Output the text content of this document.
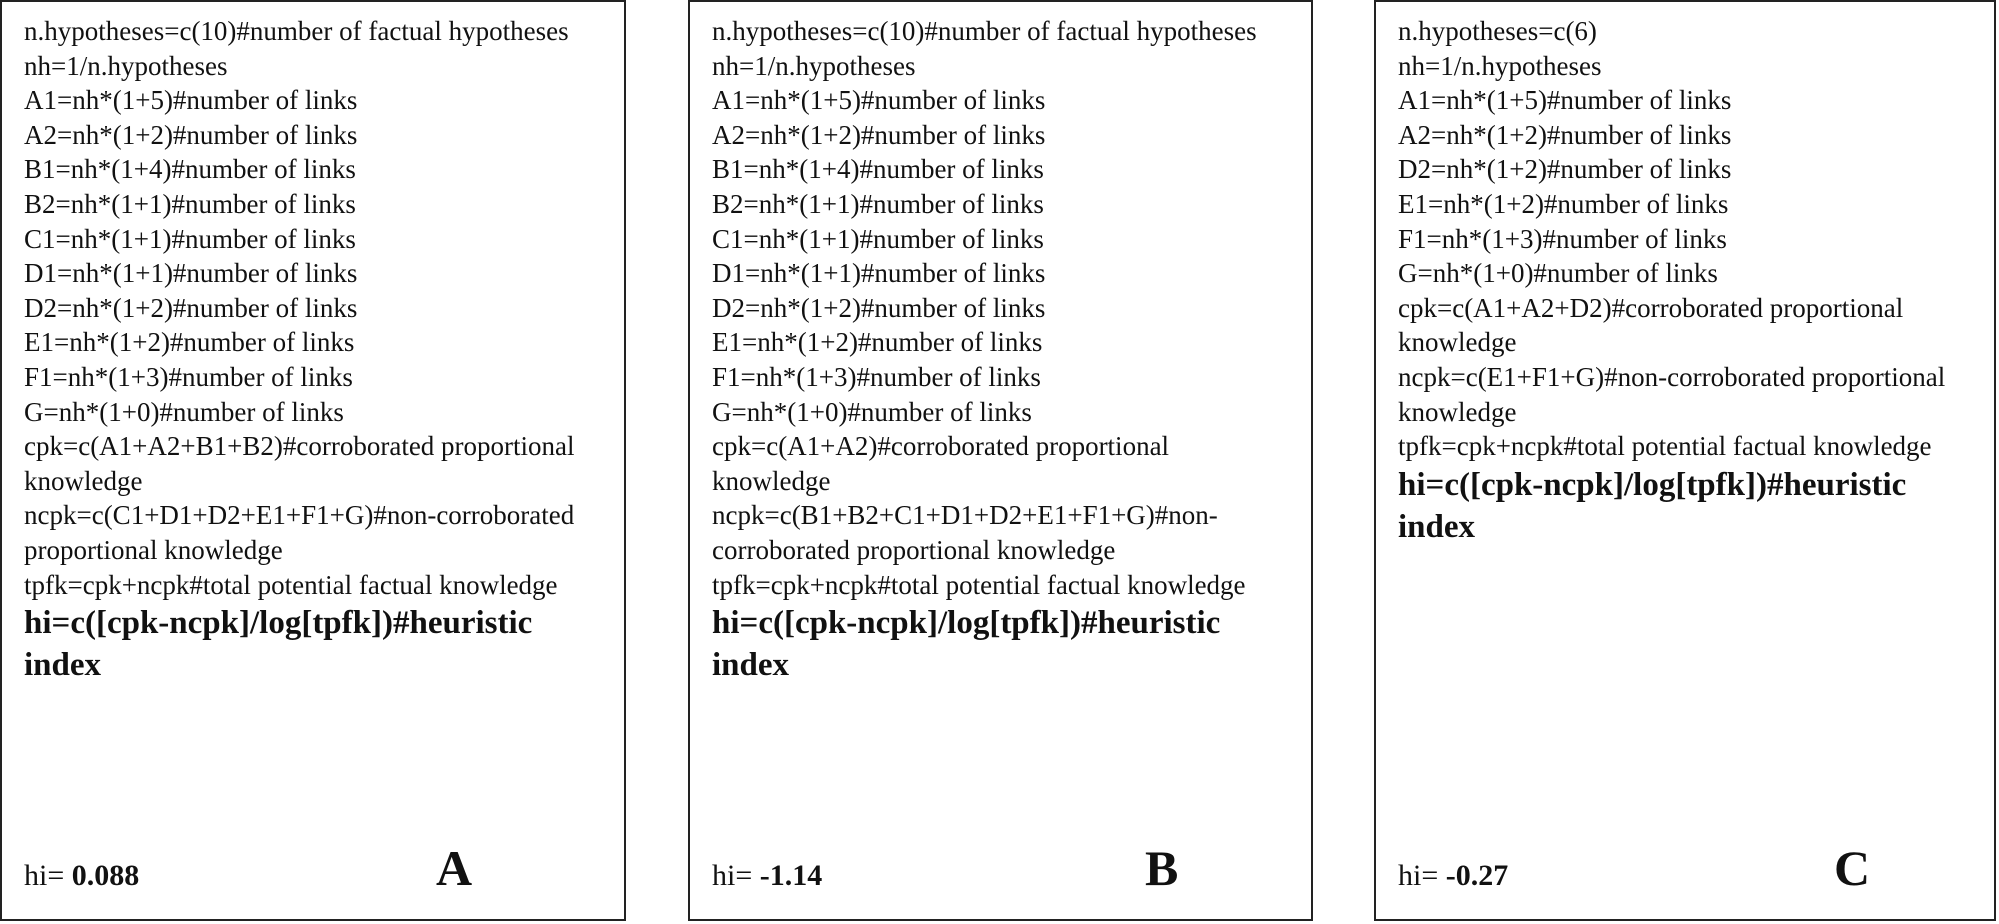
n.hypotheses=c(10)#number of factual hypotheses
nh=1/n.hypotheses
A1=nh*(1+5)#number of links
A2=nh*(1+2)#number of links
B1=nh*(1+4)#number of links
B2=nh*(1+1)#number of links
C1=nh*(1+1)#number of links
D1=nh*(1+1)#number of links
D2=nh*(1+2)#number of links
E1=nh*(1+2)#number of links
F1=nh*(1+3)#number of links
G=nh*(1+0)#number of links
cpk=c(A1+A2+B1+B2)#corroborated proportional knowledge
ncpk=c(C1+D1+D2+E1+F1+G)#non-corroborated proportional knowledge
tpfk=cpk+ncpk#total potential factual knowledge
hi=c([cpk-ncpk]/log[tpfk])#heuristic index
hi= 0.088	A
n.hypotheses=c(10)#number of factual hypotheses
nh=1/n.hypotheses
A1=nh*(1+5)#number of links
A2=nh*(1+2)#number of links
B1=nh*(1+4)#number of links
B2=nh*(1+1)#number of links
C1=nh*(1+1)#number of links
D1=nh*(1+1)#number of links
D2=nh*(1+2)#number of links
E1=nh*(1+2)#number of links
F1=nh*(1+3)#number of links
G=nh*(1+0)#number of links
cpk=c(A1+A2)#corroborated proportional knowledge
ncpk=c(B1+B2+C1+D1+D2+E1+F1+G)#non-corroborated proportional knowledge
tpfk=cpk+ncpk#total potential factual knowledge
hi=c([cpk-ncpk]/log[tpfk])#heuristic index
hi= -1.14	B
n.hypotheses=c(6)
nh=1/n.hypotheses
A1=nh*(1+5)#number of links
A2=nh*(1+2)#number of links
D2=nh*(1+2)#number of links
E1=nh*(1+2)#number of links
F1=nh*(1+3)#number of links
G=nh*(1+0)#number of links
cpk=c(A1+A2+D2)#corroborated proportional knowledge
ncpk=c(E1+F1+G)#non-corroborated proportional knowledge
tpfk=cpk+ncpk#total potential factual knowledge
hi=c([cpk-ncpk]/log[tpfk])#heuristic index
hi= -0.27	C
